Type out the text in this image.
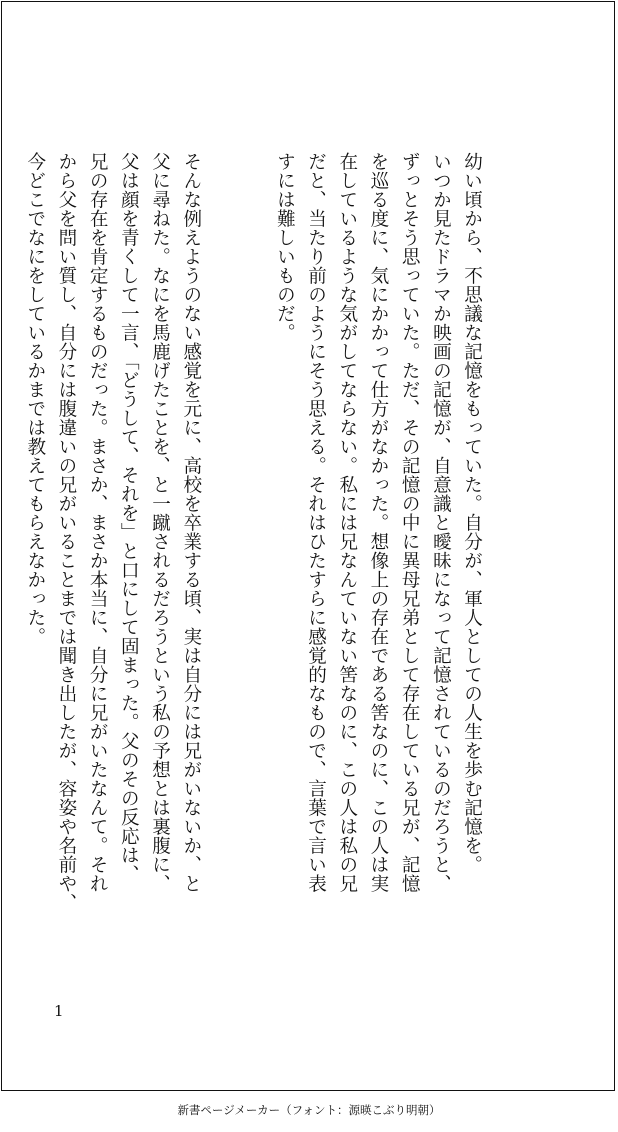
幼い頃から、不思議な記憶をもっていた。自分が、軍人としての人生を歩む記憶を。
いつか見たドラマか映画の記憶が、自意識と曖昧になって記憶されているのだろうと、
ずっとそう思っていた。ただ、その記憶の中に異母兄弟として存在している兄が、記憶
を巡る度に、気にかかって仕方がなかった。想像上の存在である筈なのに、この人は実
在しているような気がしてならない。私には兄なんていない筈なのに、この人は私の兄
だと、当たり前のようにそう思える。それはひたすらに感覚的なもので、言葉で言い表
すには難しいものだ。

そんな例えようのない感覚を元に、高校を卒業する頃、実は自分には兄がいないか、と
父に尋ねた。なにを馬鹿げたことを、と一蹴されるだろうという私の予想とは裏腹に、
父は顔を青くして一言、「どうして、それを」と口にして固まった。父のその反応は、
兄の存在を肯定するものだった。まさか、まさか本当に、自分に兄がいたなんて。それ
から父を問い質し、自分には腹違いの兄がいることまでは聞き出したが、容姿や名前や、
今どこでなにをしているかまでは教えてもらえなかった。

1
新書ページメーカー（フォント：源暎こぶり明朝）
